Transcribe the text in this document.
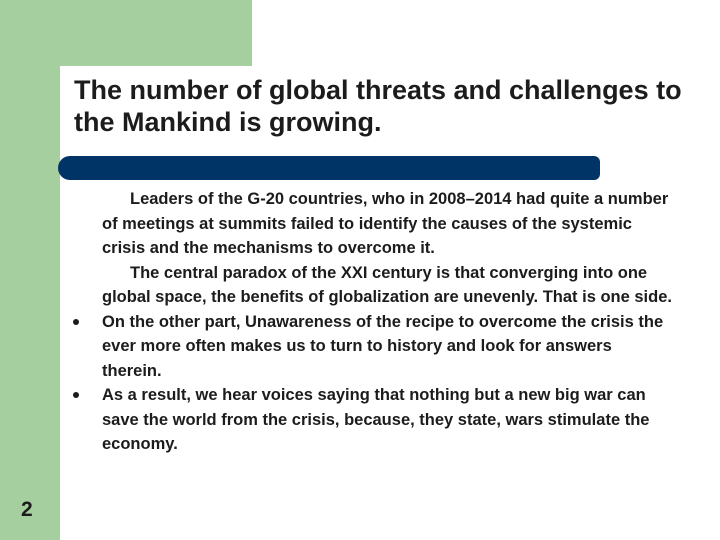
The number of global threats and challenges to the Mankind is growing.

Leaders of the G-20 countries, who in 2008–2014 had quite a number of meetings at summits failed to identify the causes of the systemic crisis and the mechanisms to overcome it.

The central paradox of the XXI century is that converging into one global space, the benefits of globalization are unevenly. That is one side.

On the other part, Unawareness of the recipe to overcome the crisis the ever more often makes us to turn to history and look for answers therein.
As a result, we hear voices saying that nothing but a new big war can save the world from the crisis, because, they state, wars stimulate the economy.
2
